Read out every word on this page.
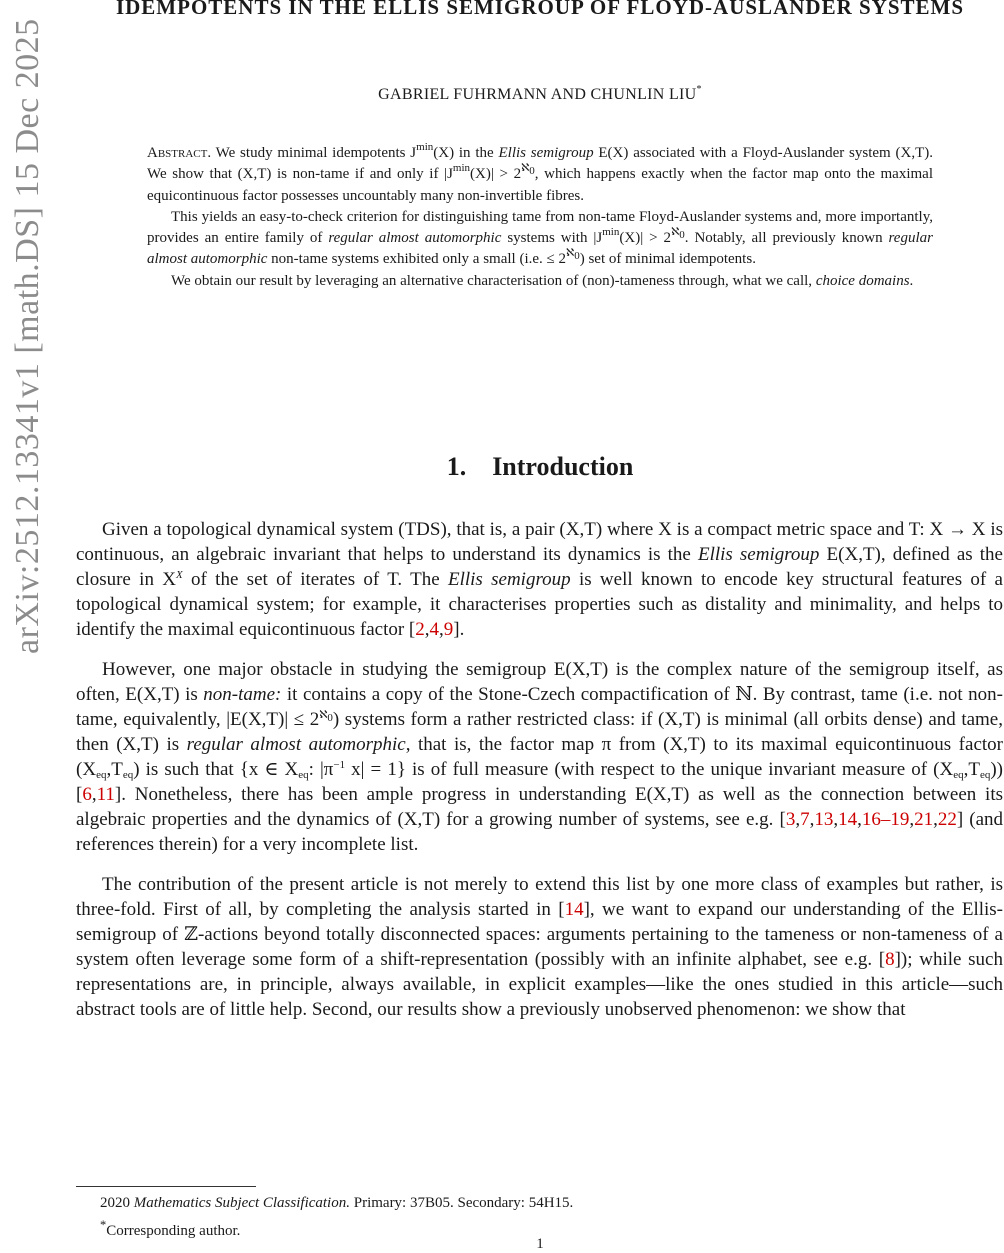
arXiv:2512.13341v1 [math.DS] 15 Dec 2025
IDEMPOTENTS IN THE ELLIS SEMIGROUP OF FLOYD-AUSLANDER SYSTEMS
GABRIEL FUHRMANN AND CHUNLIN LIU*

Abstract. We study minimal idempotents $J^{min}(X)$ in the Ellis semigroup E(X) associated with a Floyd-Auslander system (X,T). We show that (X,T) is non-tame if and only if $|J^{min}(X)| > 2^{ℵ_0}$, which happens exactly when the factor map onto the maximal equicontinuous factor possesses uncountably many non-invertible fibres.

This yields an easy-to-check criterion for distinguishing tame from non-tame Floyd-Auslander systems and, more importantly, provides an entire family of regular almost automorphic systems with $|J^{min}(X)| > 2^{ℵ_0}$. Notably, all previously known regular almost automorphic non-tame systems exhibited only a small (i.e. ≤ $2^{ℵ_0}$) set of minimal idempotents.

We obtain our result by leveraging an alternative characterisation of (non)-tameness through, what we call, choice domains.

1. Introduction

Given a topological dynamical system (TDS), that is, a pair (X,T) where X is a compact metric space and T: X → X is continuous, an algebraic invariant that helps to understand its dynamics is the Ellis semigroup E(X,T), defined as the closure in $X^X$ of the set of iterates of T. The Ellis semigroup is well known to encode key structural features of a topological dynamical system; for example, it characterises properties such as distality and minimality, and helps to identify the maximal equicontinuous factor [2,4,9].

However, one major obstacle in studying the semigroup E(X,T) is the complex nature of the semigroup itself, as often, E(X,T) is non-tame: it contains a copy of the Stone-Czech compactification of ℕ. By contrast, tame (i.e. not non-tame, equivalently, $|E(X,T)| \le 2^{ℵ_0}$) systems form a rather restricted class: if (X,T) is minimal (all orbits dense) and tame, then (X,T) is regular almost automorphic, that is, the factor map π from (X,T) to its maximal equicontinuous factor $(X_{eq},T_{eq})$ is such that {x ∈ $X_{eq}$: $|\pi^{-1}$ x| = 1} is of full measure (with respect to the unique invariant measure of $(X_{eq},T_{eq})$) [6,11]. Nonetheless, there has been ample progress in understanding E(X,T) as well as the connection between its algebraic properties and the dynamics of (X,T) for a growing number of systems, see e.g. [3,7,13,14,16–19,21,22] (and references therein) for a very incomplete list.

The contribution of the present article is not merely to extend this list by one more class of examples but rather, is three-fold. First of all, by completing the analysis started in [14], we want to expand our understanding of the Ellis-semigroup of ℤ-actions beyond totally disconnected spaces: arguments pertaining to the tameness or non-tameness of a system often leverage some form of a shift-representation (possibly with an infinite alphabet, see e.g. [8]); while such representations are, in principle, always available, in explicit examples—like the ones studied in this article—such abstract tools are of little help. Second, our results show a previously unobserved phenomenon: we show that

2020 Mathematics Subject Classification. Primary: 37B05. Secondary: 54H15.

*Corresponding author.

1
